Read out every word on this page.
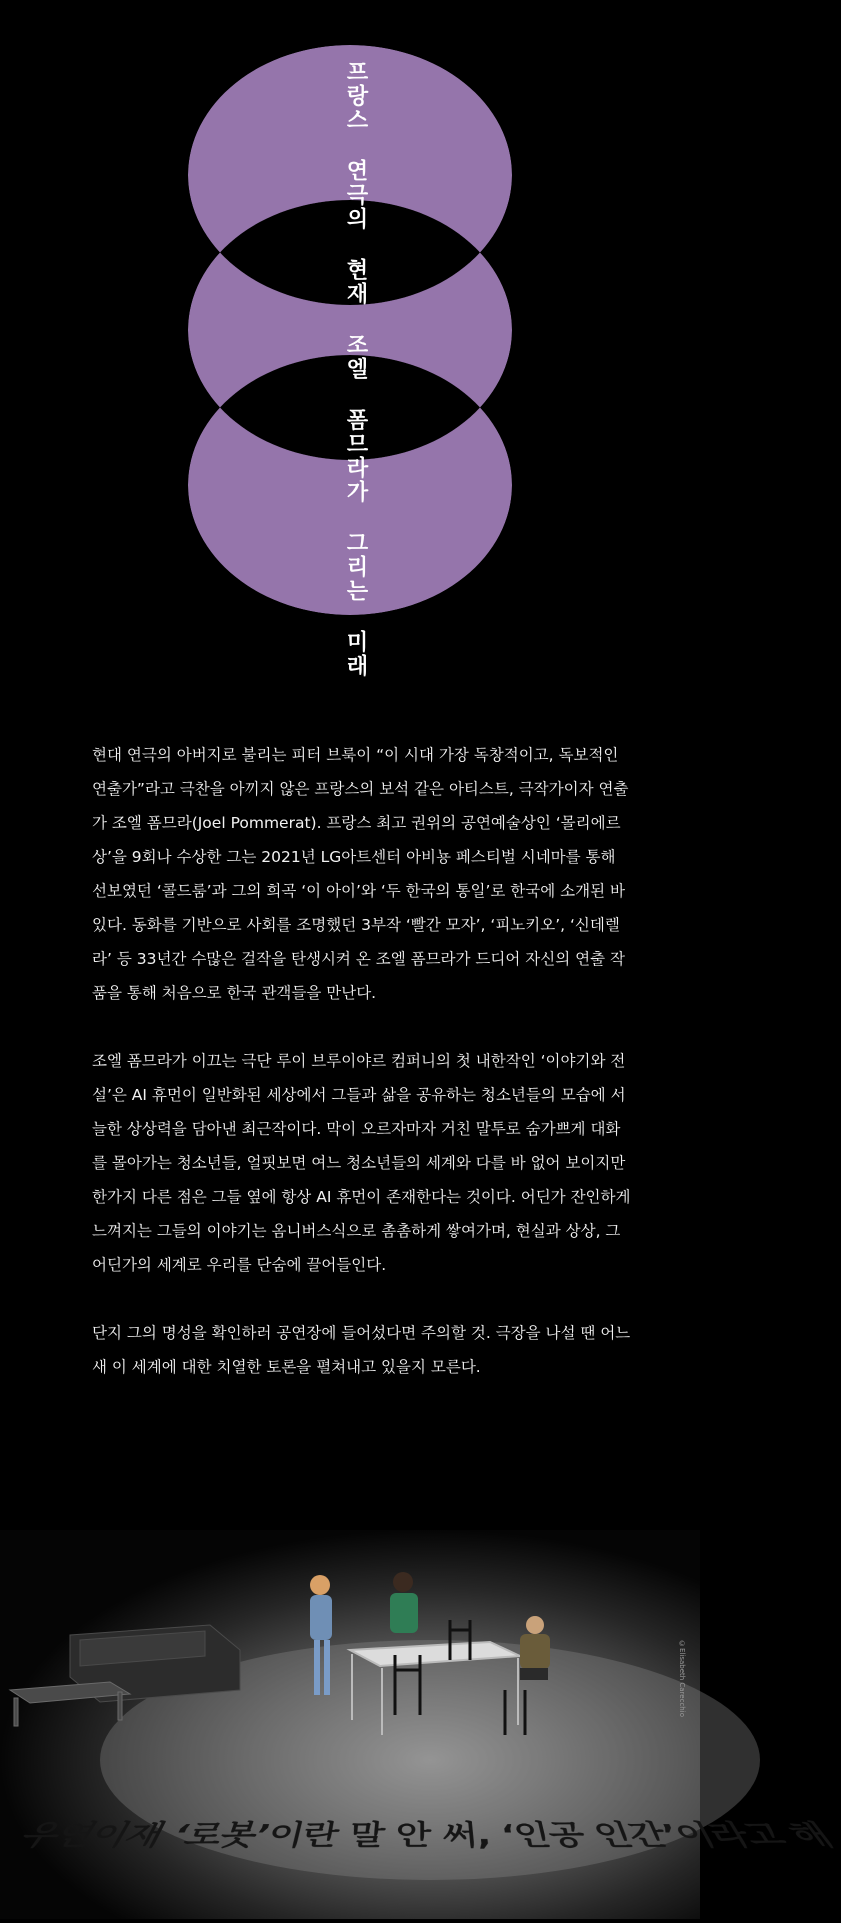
프랑스 연극의 현재 조엘 폼므라가 그리는 미래

현대 연극의 아버지로 불리는 피터 브룩이 “이 시대 가장 독창적이고, 독보적인 연출가”라고 극찬을 아끼지 않은 프랑스의 보석 같은 아티스트, 극작가이자 연출가 조엘 폼므라(Joel Pommerat). 프랑스 최고 권위의 공연예술상인 ‘몰리에르상’을 9회나 수상한 그는 2021년 LG아트센터 아비뇽 페스티벌 시네마를 통해 선보였던 ‘콜드룸’과 그의 희곡 ‘이 아이’와 ‘두 한국의 통일’로 한국에 소개된 바 있다. 동화를 기반으로 사회를 조명했던 3부작 ‘빨간 모자’, ‘피노키오’, ‘신데렐라’ 등 33년간 수많은 걸작을 탄생시켜 온 조엘 폼므라가 드디어 자신의 연출 작품을 통해 처음으로 한국 관객들을 만난다.

조엘 폼므라가 이끄는 극단 루이 브루이야르 컴퍼니의 첫 내한작인 ‘이야기와 전설’은 AI 휴먼이 일반화된 세상에서 그들과 삶을 공유하는 청소년들의 모습에 서늘한 상상력을 담아낸 최근작이다. 막이 오르자마자 거친 말투로 숨가쁘게 대화를 몰아가는 청소년들, 얼핏보면 여느 청소년들의 세계와 다를 바 없어 보이지만 한가지 다른 점은 그들 옆에 항상 AI 휴먼이 존재한다는 것이다. 어딘가 잔인하게 느껴지는 그들의 이야기는 옴니버스식으로 촘촘하게 쌓여가며, 현실과 상상, 그 어딘가의 세계로 우리를 단숨에 끌어들인다.

단지 그의 명성을 확인하러 공연장에 들어섰다면 주의할 것. 극장을 나설 땐 어느새 이 세계에 대한 치열한 토론을 펼쳐내고 있을지 모른다.

©Elisabeth Carecchio
우연이재 ‘로봇’이란 말 안 써, ‘인공 인간’이라고 해
